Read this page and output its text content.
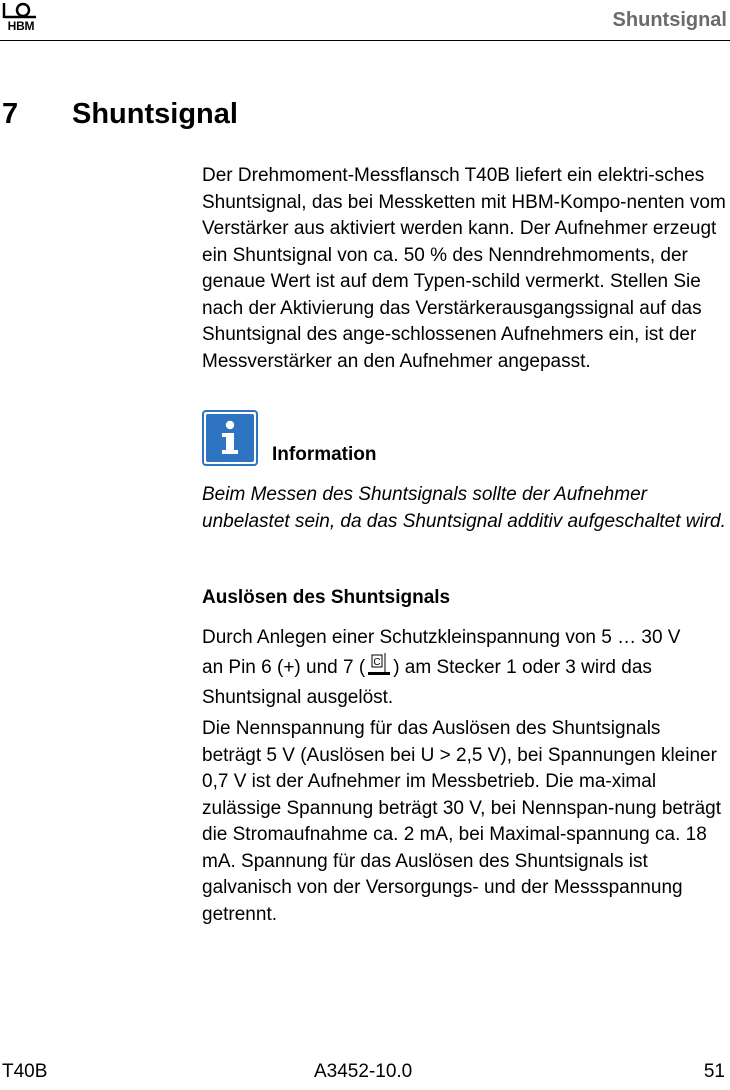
HBM	Shuntsignal
7 Shuntsignal
Der Drehmoment-Messflansch T40B liefert ein elektri-sches Shuntsignal, das bei Messketten mit HBM-Kompo-nenten vom Verstärker aus aktiviert werden kann. Der Aufnehmer erzeugt ein Shuntsignal von ca. 50 % des Nenndrehmoments, der genaue Wert ist auf dem Typen-schild vermerkt. Stellen Sie nach der Aktivierung das Verstärkerausgangssignal auf das Shuntsignal des ange-schlossenen Aufnehmers ein, ist der Messverstärker an den Aufnehmer angepasst.
Information
Beim Messen des Shuntsignals sollte der Aufnehmer unbelastet sein, da das Shuntsignal additiv aufgeschaltet wird.
Auslösen des Shuntsignals
Durch Anlegen einer Schutzkleinspannung von 5 … 30 V
an Pin 6 (+) und 7 ( C ) am Stecker 1 oder 3 wird das
Shuntsignal ausgelöst.
Die Nennspannung für das Auslösen des Shuntsignals beträgt 5 V (Auslösen bei U > 2,5 V), bei Spannungen kleiner 0,7 V ist der Aufnehmer im Messbetrieb. Die ma-ximal zulässige Spannung beträgt 30 V, bei Nennspan-nung beträgt die Stromaufnahme ca. 2 mA, bei Maximal-spannung ca. 18 mA. Spannung für das Auslösen des Shuntsignals ist galvanisch von der Versorgungs- und der Messspannung getrennt.
T40B	A3452-10.0	51
